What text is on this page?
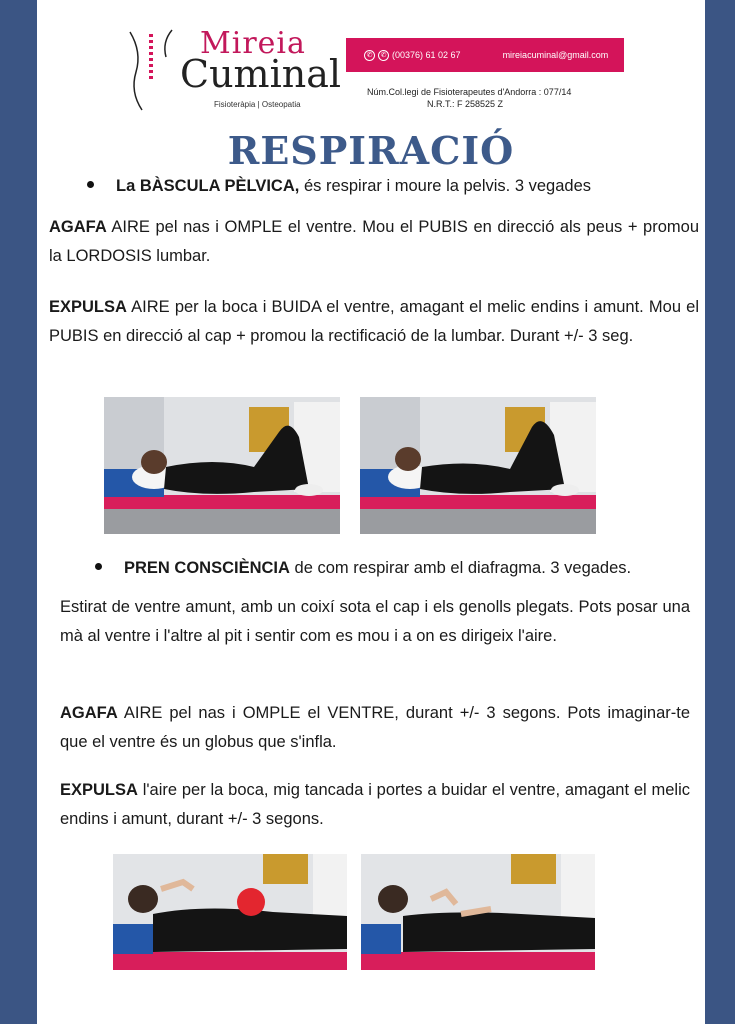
Mireia
Cuminal
Fisioteràpia | Osteopatia
✆	✆ (00376) 61 02 67	mireiacuminal@gmail.com
Núm.Col.legi de Fisioterapeutes d'Andorra : 077/14
N.R.T.: F 258525 Z
RESPIRACIÓ
La BÀSCULA PÈLVICA, és respirar i moure la pelvis. 3 vegades
AGAFA AIRE pel nas i OMPLE el ventre. Mou el PUBIS en direcció als peus + promou la LORDOSIS lumbar.
EXPULSA AIRE per la boca i BUIDA el ventre, amagant el melic endins i amunt. Mou el PUBIS en direcció al cap + promou la rectificació de la lumbar. Durant +/- 3 seg.
PREN CONSCIÈNCIA de com respirar amb el diafragma. 3 vegades.
Estirat de ventre amunt, amb un coixí sota el cap i els genolls plegats. Pots posar una mà al ventre i l'altre al pit i sentir com es mou i a on es dirigeix l'aire.
AGAFA AIRE pel nas i OMPLE el VENTRE, durant +/- 3 segons. Pots imaginar-te que el ventre és un globus que s'infla.
EXPULSA l'aire per la boca, mig tancada i portes a buidar el ventre, amagant el melic endins i amunt, durant +/- 3 segons.
